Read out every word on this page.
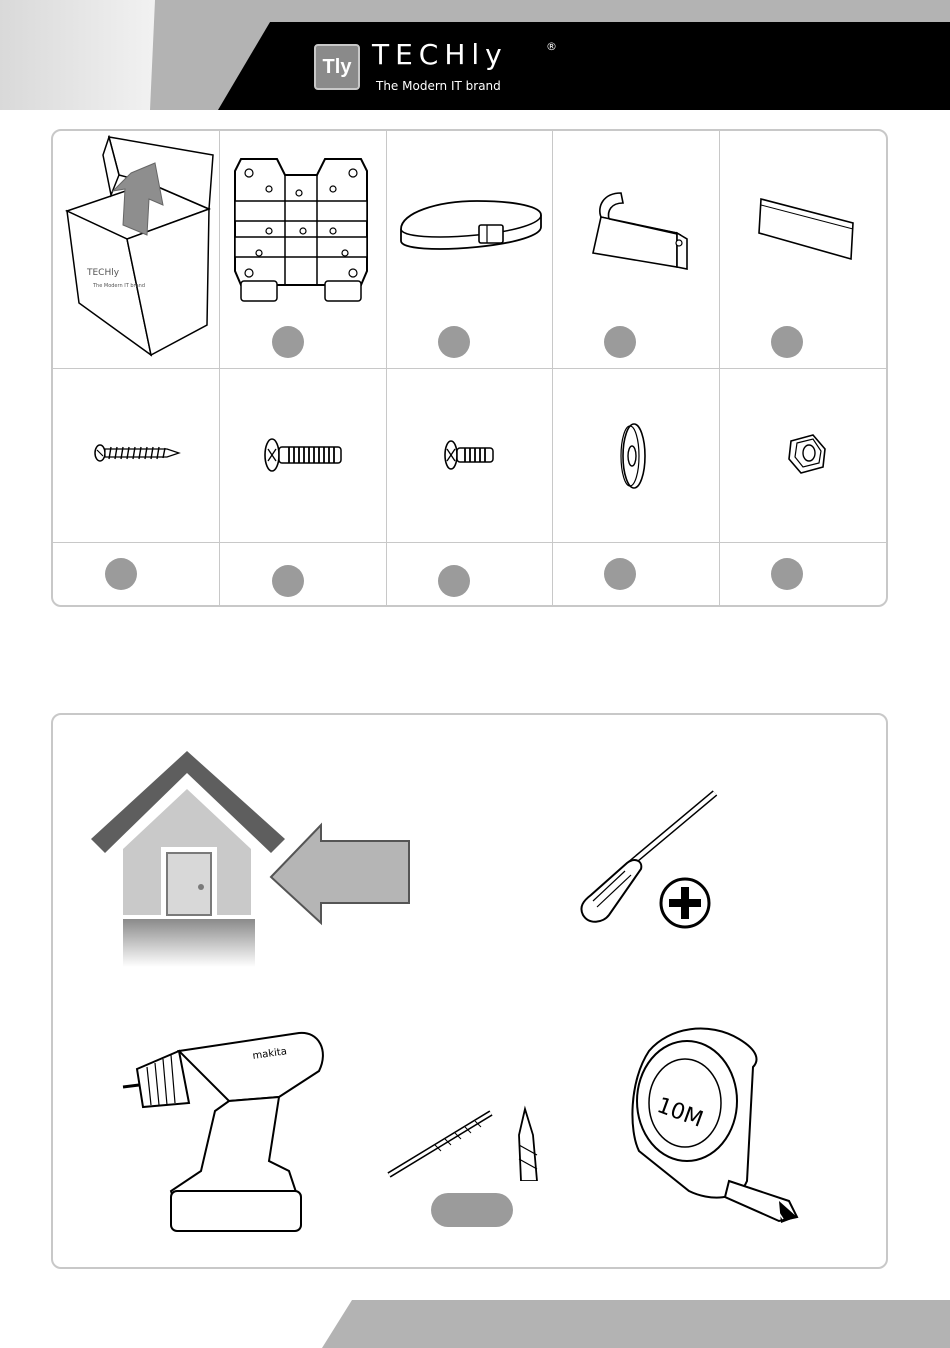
Tly TECHly	®
The Modern IT brand
TECHly
The Modern IT brand
makita
10M
